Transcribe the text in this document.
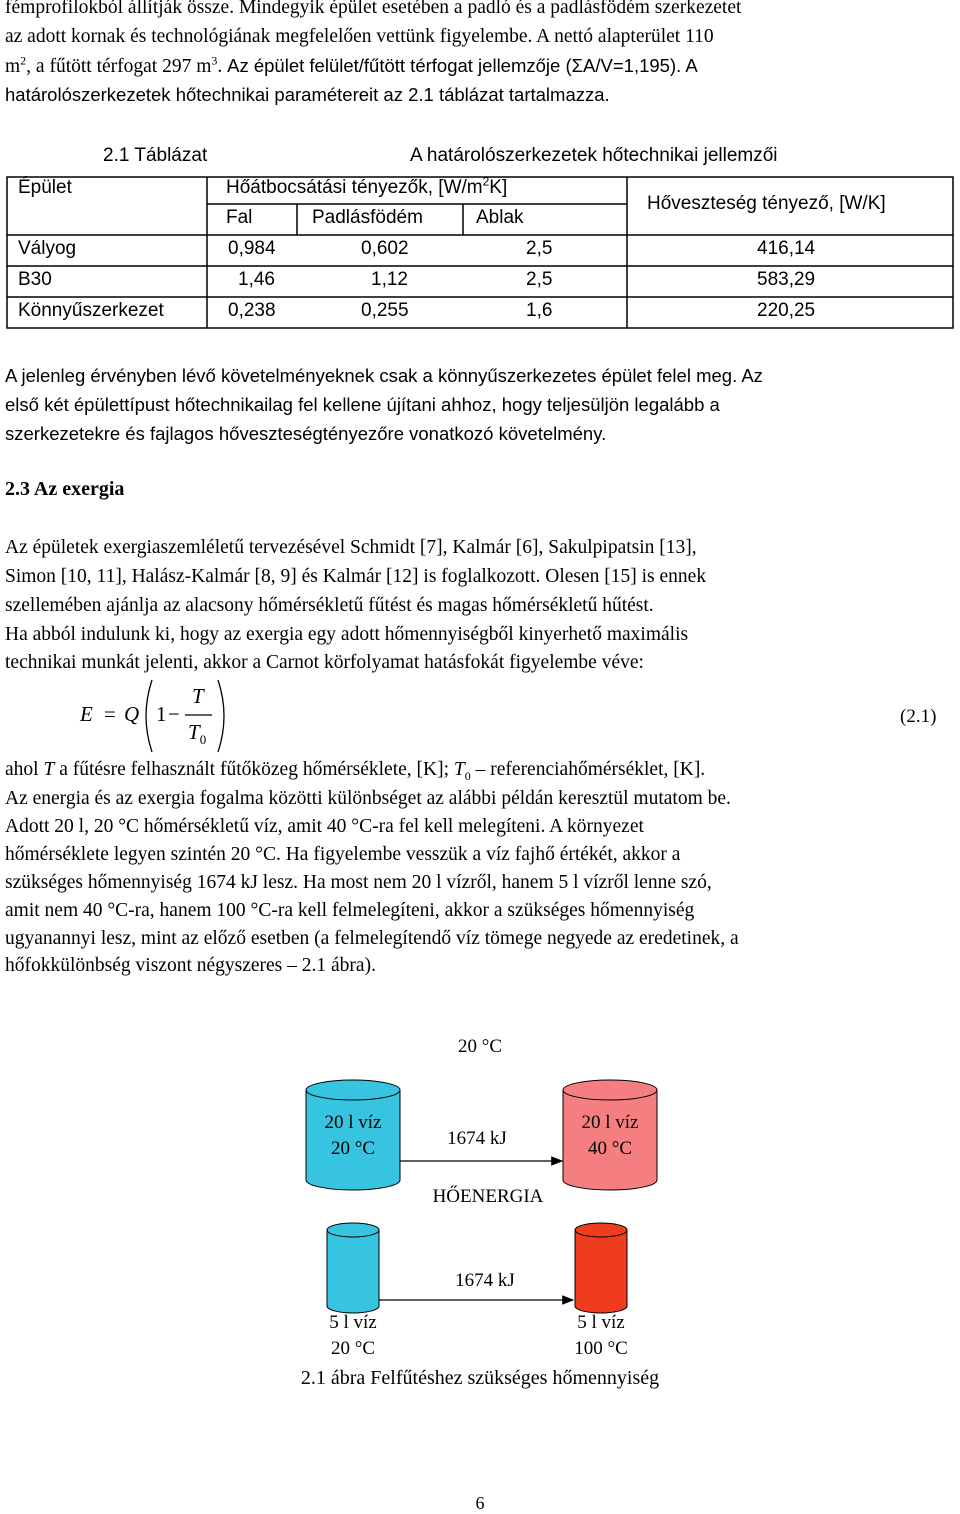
fémprofilokból állítják össze. Mindegyik épület esetében a padló és a padlásfödém szerkezetet

az adott kornak és technológiának megfelelően vettünk figyelembe. A nettó alapterület 110

$m^2$, a fűtött térfogat 297 $m^3$. Az épület felület/fűtött térfogat jellemzője (ΣA/V=1,195). A

határolószerkezetek hőtechnikai paramétereit az 2.1 táblázat tartalmazza.

2.1 Táblázat	A határolószerkezetek hőtechnikai jellemzői
Épület	Hőátbocsátási tényezők, $[W/m^2K]$
Hőveszteség tényező, [W/K]
Fal	Padlásfödém	Ablak
Vályog	0,984	0,602	2,5	416,14
B30	1,46	1,12	2,5	583,29
Könnyűszerkezet	0,238	0,255	1,6	220,25

A jelenleg érvényben lévő követelményeknek csak a könnyűszerkezetes épület felel meg. Az

első két épülettípust hőtechnikailag fel kellene újítani ahhoz, hogy teljesüljön legalább a

szerkezetekre és fajlagos hőveszteségtényezőre vonatkozó követelmény.

2.3 Az exergia

Az épületek exergiaszemléletű tervezésével Schmidt [7], Kalmár [6], Sakulpipatsin [13],

Simon [10, 11], Halász-Kalmár [8, 9] és Kalmár [12] is foglalkozott. Olesen [15] is ennek

szellemében ajánlja az alacsony hőmérsékletű fűtést és magas hőmérsékletű hűtést.

Ha abból indulunk ki, hogy az exergia egy adott hőmennyiségből kinyerhető maximális

technikai munkát jelenti, akkor a Carnot körfolyamat hatásfokát figyelembe véve:

E = Q 1 −
T
$T_0$
(2.1)

ahol T a fűtésre felhasznált fűtőközeg hőmérséklete, [K]; $T_0$ – referenciahőmérséklet, [K].

Az energia és az exergia fogalma közötti különbséget az alábbi példán keresztül mutatom be.

Adott 20 l, 20 °C hőmérsékletű víz, amit 40 °C-ra fel kell melegíteni. A környezet

hőmérséklete legyen szintén 20 °C. Ha figyelembe vesszük a víz fajhő értékét, akkor a

szükséges hőmennyiség 1674 kJ lesz. Ha most nem 20 l vízről, hanem 5 l vízről lenne szó,

amit nem 40 °C-ra, hanem 100 °C-ra kell felmelegíteni, akkor a szükséges hőmennyiség

ugyanannyi lesz, mint az előző esetben (a felmelegítendő víz tömege negyede az eredetinek, a

hőfokkülönbség viszont négyszeres – 2.1 ábra).

20 °C
20 l víz
20 °C
20 l víz
40 °C
1674 kJ
HŐENERGIA
1674 kJ
5 l víz
20 °C
5 l víz
100 °C
2.1 ábra Felfűtéshez szükséges hőmennyiség
6
